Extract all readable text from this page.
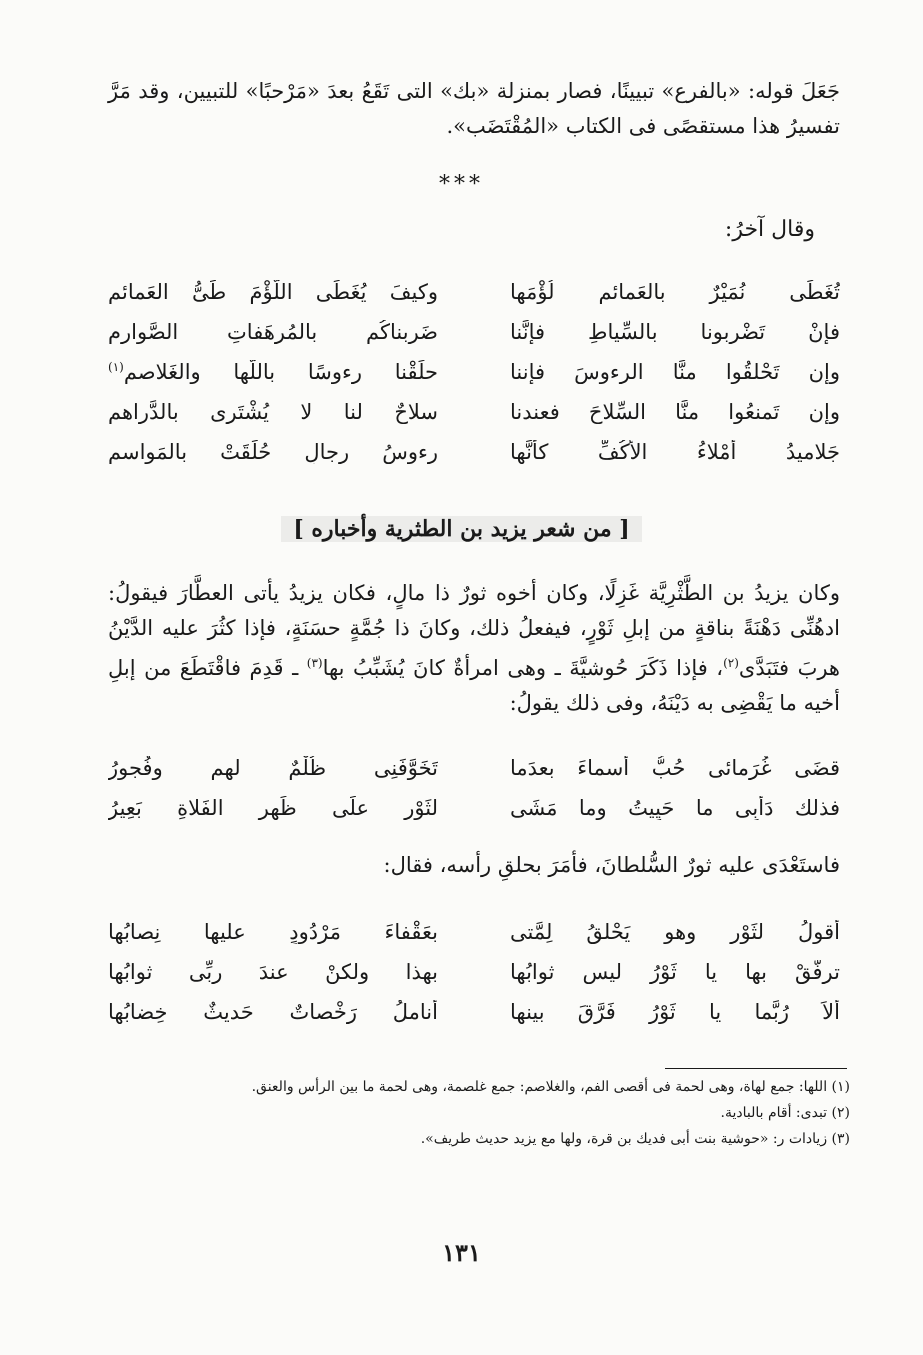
جَعَلَ قوله: «بالفرع» تبيينًا، فصار بمنزلة «بك» التى تَقَعُ بعدَ «مَرْحبًا» للتبيين، وقد مَرَّ تفسيرُ هذا مستقصًى فى الكتاب «المُقْتَضَب».
***
وقال آخرُ:
تُغَطِّى نُمَيْرٌ بالعَمائم لُؤْمَها
وكيفَ يُغَطِّى اللُّؤْمَ طَىُّ العَمائمِ
فإِنْ تَضْربونا بالسِّياطِ فإِنَّنا
ضَربناكُم بالمُرهَفاتِ الصَّوارمِ
وإن تَحْلقُوا منَّا الرءوسَ فإِننا
حلَقْنا رءوسًا باللَّها والغَلاصمِ$^{(١)}$
وإن تَمنعُوا منَّا السِّلاحَ فعندنا
سلاحٌ لنا لا يُشْتَرى بالدَّراهمِ
جَلاميدُ أَمْلاءُ الأكُفِّ كأنَّها
رءوسُ رجالٍ حُلِّقَتْ بالمَواسمِ
[ من شعر يزيد بن الطثرية وأخباره ]
وكان يزيدُ بن الطَّثْرِيَّة غَزِلًا، وكان أخوه ثورٌ ذا مالٍ، فكان يزيدُ يأتى العطَّارَ فيقولُ: ادهُنِّى دَهْنَةً بناقةٍ من إبلِ ثَوْرٍ، فيفعلُ ذلك، وكانَ ذا جُمَّةٍ حسَنَةٍ، فإذا كثُرَ عليه الدَّيْنُ هربَ فتَبَدَّى$^{(٢)}$، فإذا ذَكَرَ حُوشيَّةَ ـ وهى امرأةٌ كانَ يُشَبِّبُ بها$^{(٣)}$ ـ قَدِمَ فاقْتَطَعَ من إبلِ أخيه ما يَقْضِى به دَيْنَهُ، وفى ذلك يقولُ:
قضَى غُرَمائى حُبُّ أسماءَ بعدَما
تَخَوَّفَنِى ظُلْمٌ لهم وفُجورُ
فذلك دَأْبِى ما حَيِيتُ وما مَشَى
لثَوْرٍ علَى ظَهرِ الفَلاةِ بَعِيرُ
فاستَعْدَى عليه ثورٌ السُّلطانَ، فأمَرَ بحلقِ رأسه، فقال:
أقولُ لثَوْرٍ وهو يَحْلقُ لِمَّتى
بعَقْفاءَ مَرْدُودٍ عليها نِصابُها
ترفَّقْ بها يا ثَوْرُ ليس ثوابُها
بهذا ولكنْ عندَ ربِّى ثوابُها
ألاَ رُبَّما يا ثَوْرُ فَرَّقَ بينها
أناملُ رَخْصاتٌ حَديثٌ خِضابُها

(١) اللها: جمع لهاة، وهى لحمة فى أقصى الفم، والغلاصم: جمع غلصمة، وهى لحمة ما بين الرأس والعنق.

(٢) تبدى: أقام بالبادية.

(٣) زيادات ر: «حوشية بنت أبى فديك بن قرة، ولها مع يزيد حديث طريف».

١٣١
